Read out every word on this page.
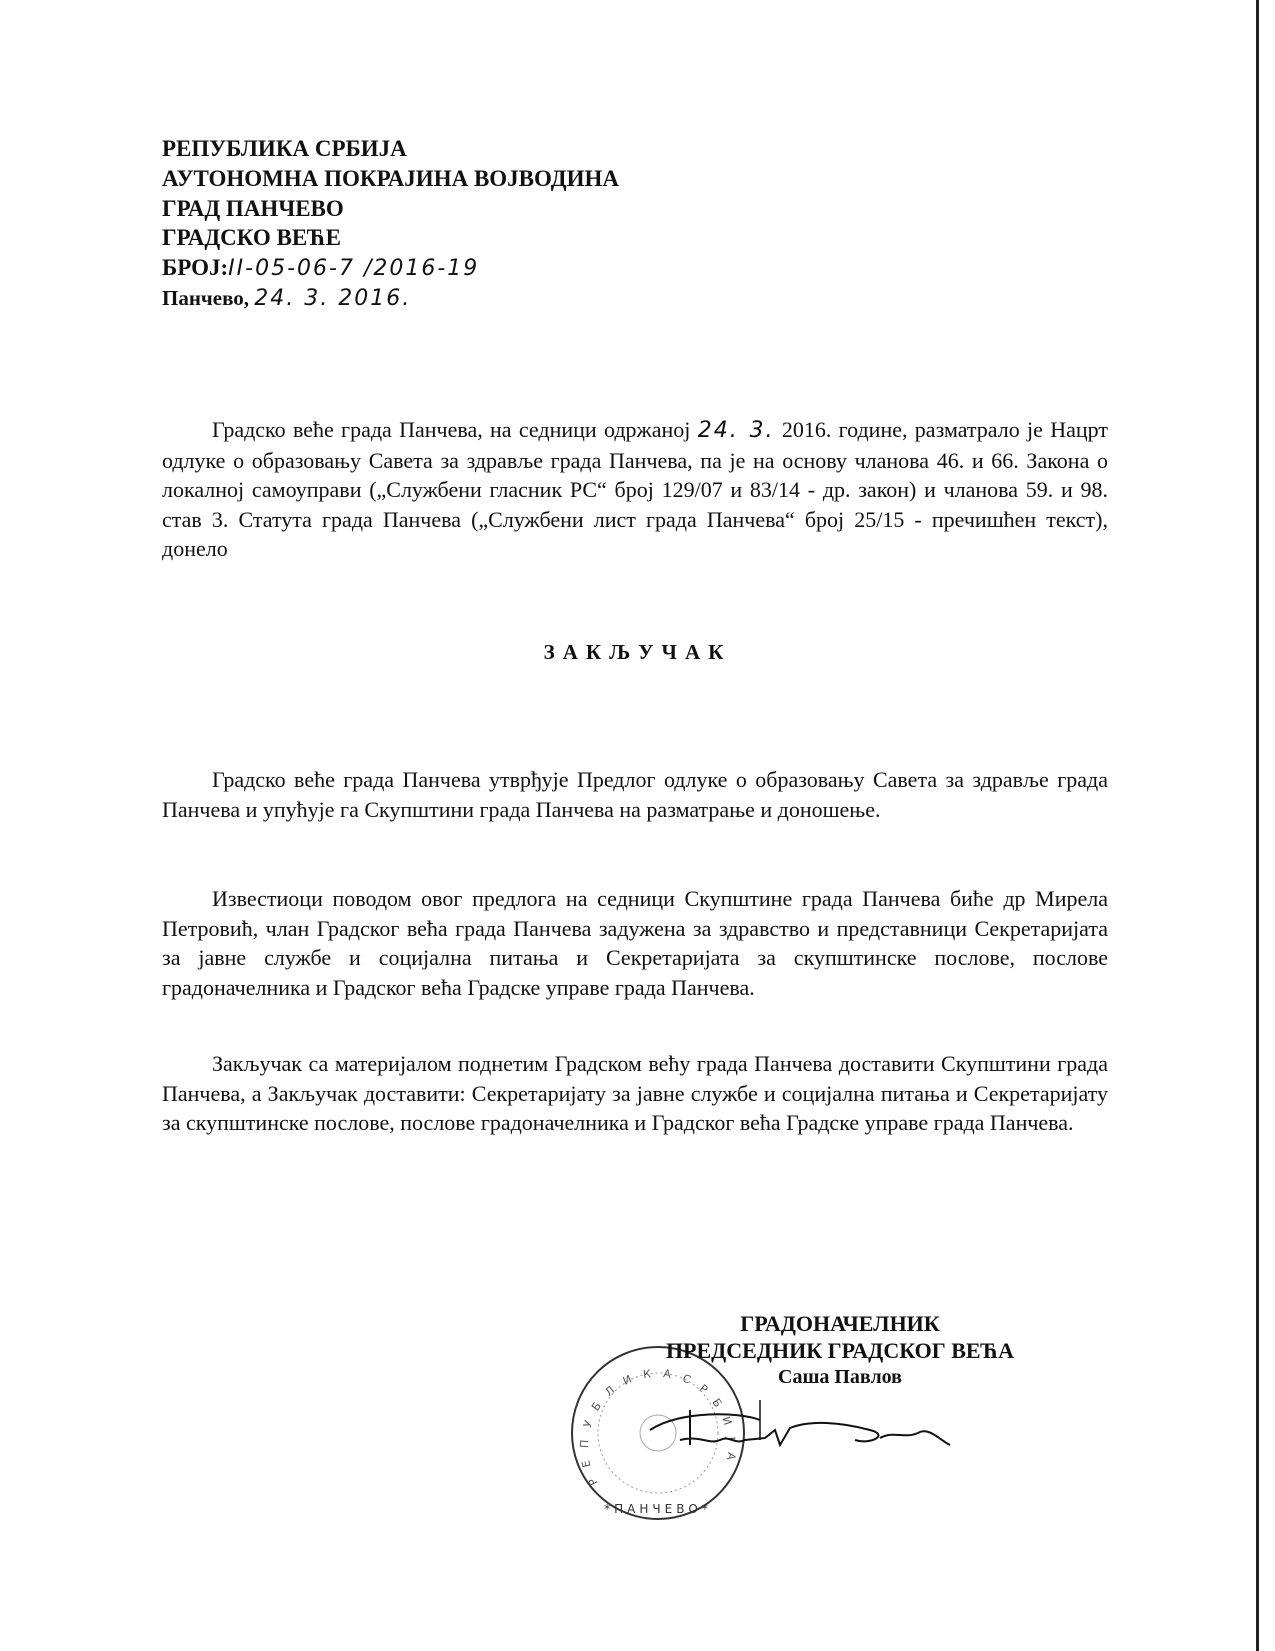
РЕПУБЛИКА СРБИЈА
АУТОНОМНА ПОКРАЈИНА ВОЈВОДИНА
ГРАД ПАНЧЕВО
ГРАДСКО ВЕЋЕ
БРОЈ:II-05-06-7 /2016-19
Панчево, 24. 3. 2016.
Градско веће града Панчева, на седници одржаној 24. 3. 2016. године, разматрало је Нацрт одлуке о образовању Савета за здравље града Панчева, па је на основу чланова 46. и 66. Закона о локалној самоуправи („Службени гласник РС“ број 129/07 и 83/14 - др. закон) и чланова 59. и 98. став 3. Статута града Панчева („Службени лист града Панчева“ број 25/15 - пречишћен текст), донело
ЗАКЉУЧАК
Градско веће града Панчева утврђује Предлог одлуке о образовању Савета за здравље града Панчева и упућује га Скупштини града Панчева на разматрање и доношење.
Известиоци поводом овог предлога на седници Скупштине града Панчева биће др Мирела Петровић, члан Градског већа града Панчева задужена за здравство и представници Секретаријата за јавне службе и социјална питања и Секретаријата за скупштинске послове, послове градоначелника и Градског већа Градске управе града Панчева.
Закључак са материјалом поднетим Градском већу града Панчева доставити Скупштини града Панчева, а Закључак доставити: Секретаријату за јавне службе и социјална питања и Секретаријату за скупштинске послове, послове градоначелника и Градског већа Градске управе града Панчева.
Р Е П У Б Л И К А С Р Б И Ј А
*ПАНЧЕВО*
ГРАДОНАЧЕЛНИК
ПРЕДСЕДНИК ГРАДСКОГ ВЕЋА
Саша Павлов
